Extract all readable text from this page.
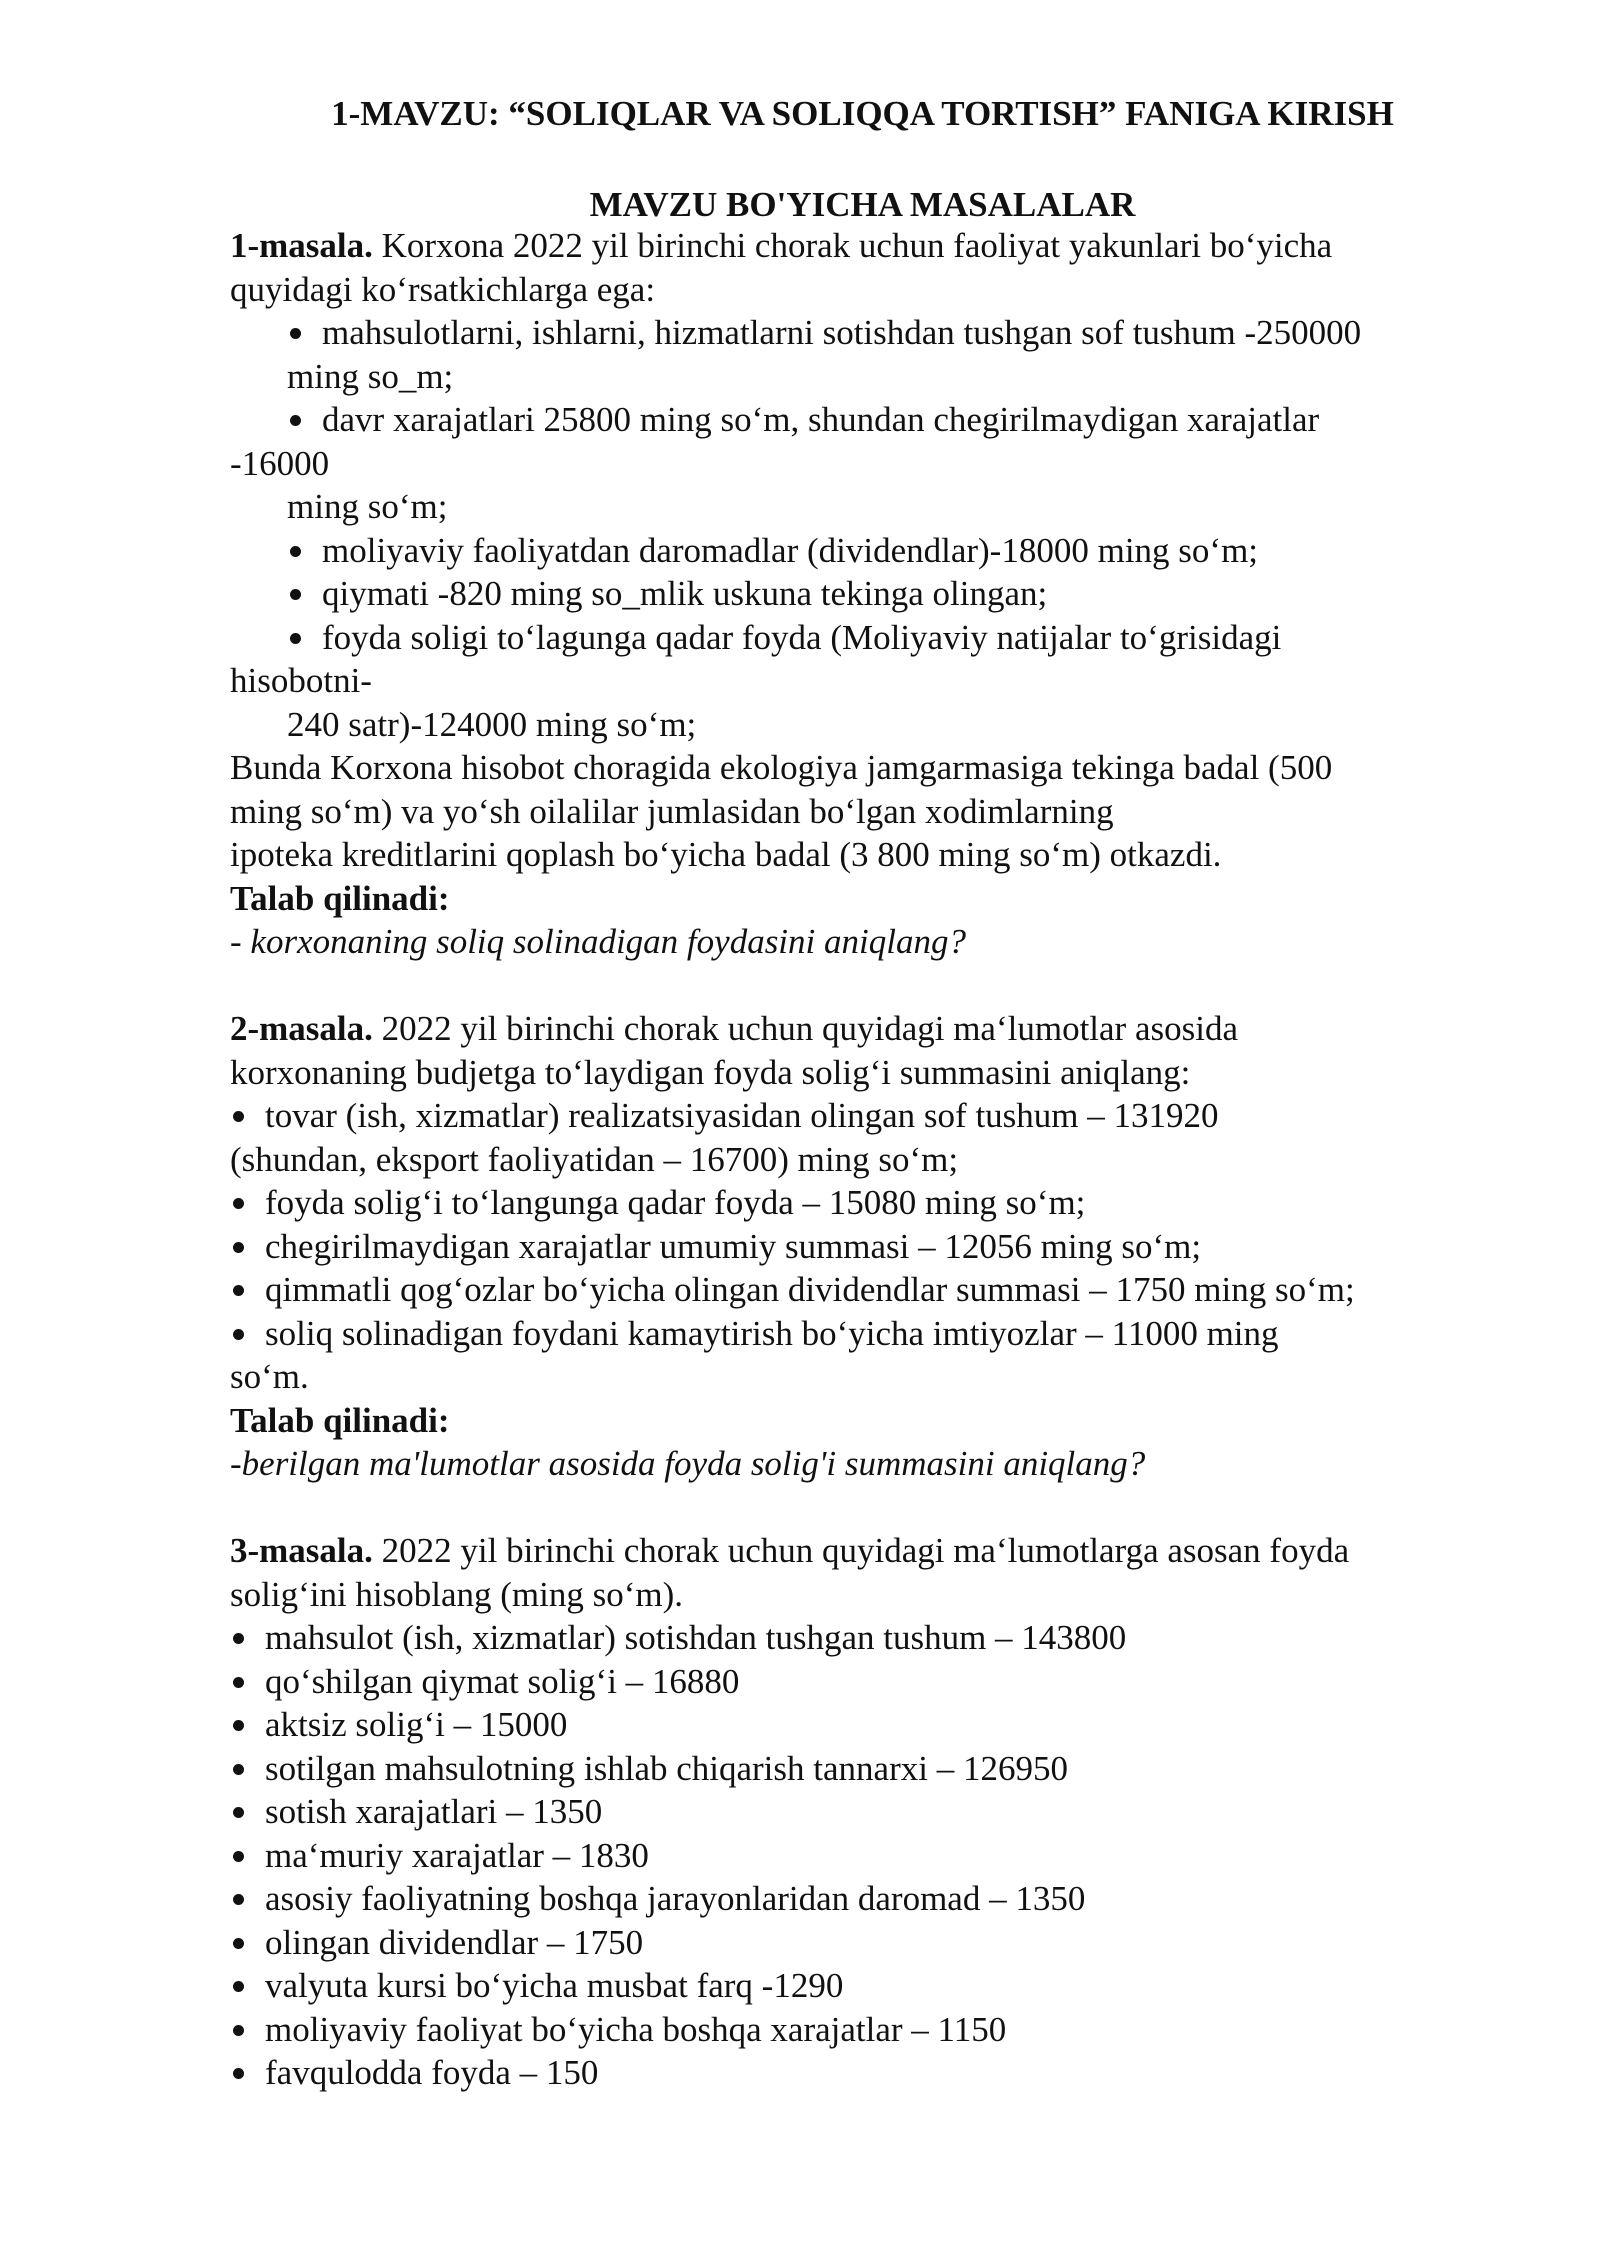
1-MAVZU: “SOLIQLAR VA SOLIQQA TORTISH” FANIGA KIRISH
MAVZU BO'YICHA MASALALAR
1-masala. Korxona 2022 yil birinchi chorak uchun faoliyat yakunlari bo‘yicha
quyidagi ko‘rsatkichlarga ega:
mahsulotlarni, ishlarni, hizmatlarni sotishdan tushgan sof tushum -250000
ming so_m;
davr xarajatlari 25800 ming so‘m, shundan chegirilmaydigan xarajatlar
-16000
ming so‘m;
moliyaviy faoliyatdan daromadlar (dividendlar)-18000 ming so‘m;
qiymati -820 ming so_mlik uskuna tekinga olingan;
foyda soligi to‘lagunga qadar foyda (Moliyaviy natijalar to‘grisidagi
hisobotni-
240 satr)-124000 ming so‘m;
Bunda Korxona hisobot choragida ekologiya jamgarmasiga tekinga badal (500
ming so‘m) va yo‘sh oilalilar jumlasidan bo‘lgan xodimlarning
ipoteka kreditlarini qoplash bo‘yicha badal (3 800 ming so‘m) otkazdi.
Talab qilinadi:
- korxonaning soliq solinadigan foydasini aniqlang?
2-masala. 2022 yil birinchi chorak uchun quyidagi ma‘lumotlar asosida
korxonaning budjetga to‘laydigan foyda solig‘i summasini aniqlang:
tovar (ish, xizmatlar) realizatsiyasidan olingan sof tushum – 131920
(shundan, eksport faoliyatidan – 16700) ming so‘m;
foyda solig‘i to‘langunga qadar foyda – 15080 ming so‘m;
chegirilmaydigan xarajatlar umumiy summasi – 12056 ming so‘m;
qimmatli qog‘ozlar bo‘yicha olingan dividendlar summasi – 1750 ming so‘m;
soliq solinadigan foydani kamaytirish bo‘yicha imtiyozlar – 11000 ming
so‘m.
Talab qilinadi:
-berilgan ma'lumotlar asosida foyda solig'i summasini aniqlang?
3-masala. 2022 yil birinchi chorak uchun quyidagi ma‘lumotlarga asosan foyda
solig‘ini hisoblang (ming so‘m).
mahsulot (ish, xizmatlar) sotishdan tushgan tushum – 143800
qo‘shilgan qiymat solig‘i – 16880
aktsiz solig‘i – 15000
sotilgan mahsulotning ishlab chiqarish tannarxi – 126950
sotish xarajatlari – 1350
ma‘muriy xarajatlar – 1830
asosiy faoliyatning boshqa jarayonlaridan daromad – 1350
olingan dividendlar – 1750
valyuta kursi bo‘yicha musbat farq -1290
moliyaviy faoliyat bo‘yicha boshqa xarajatlar – 1150
favqulodda foyda – 150
